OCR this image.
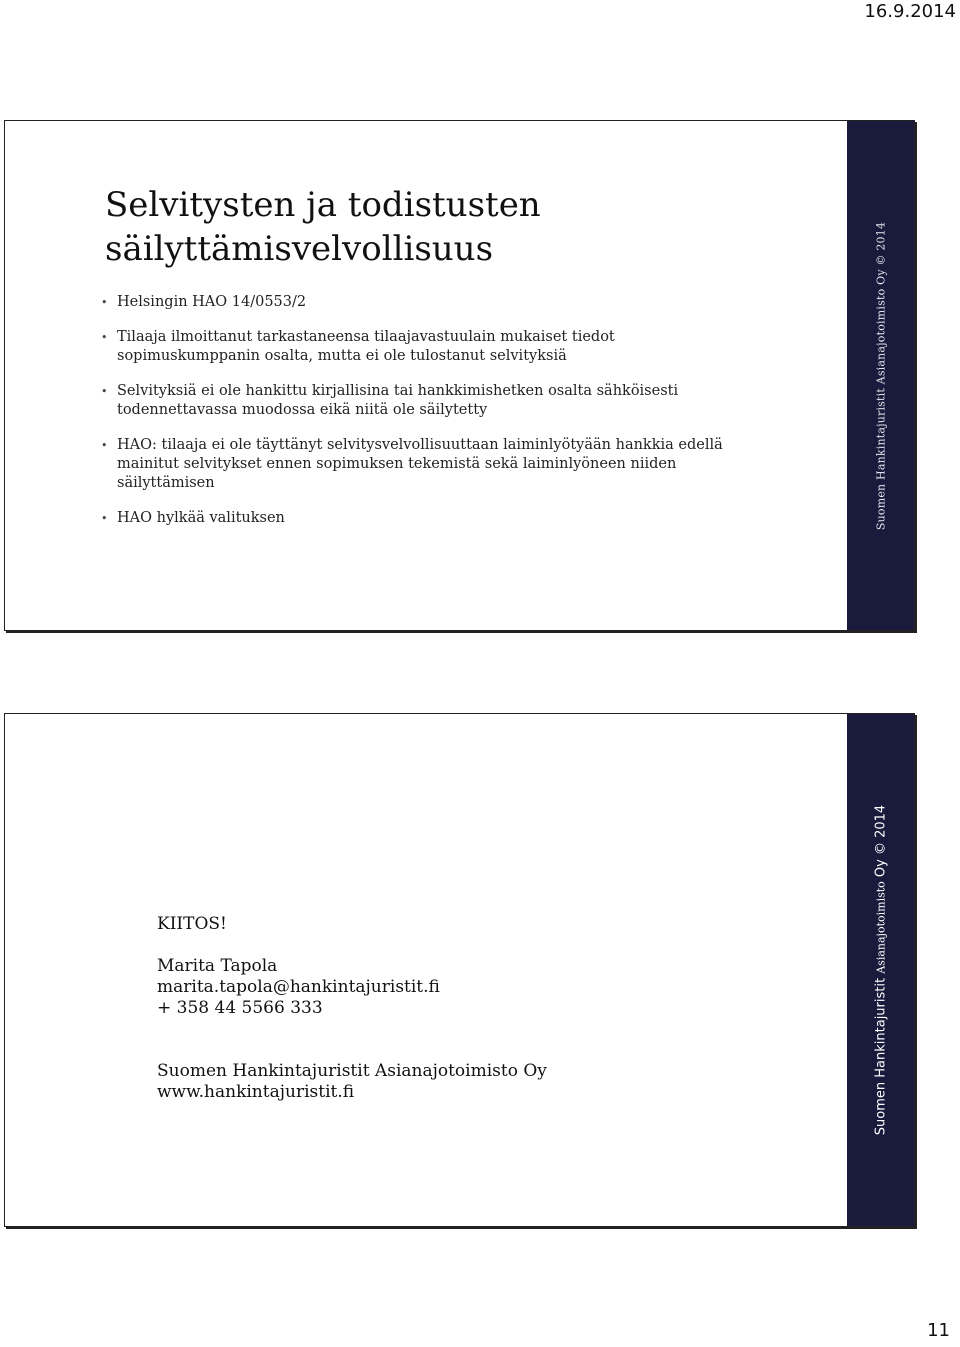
16.9.2014
Selvitysten ja todistusten säilyttämisvelvollisuus
• Helsingin HAO 14/0553/2
• Tilaaja ilmoittanut tarkastaneensa tilaajavastuulain mukaiset tiedot sopimuskumppanin osalta, mutta ei ole tulostanut selvityksiä
• Selvityksiä ei ole hankittu kirjallisina tai hankkimishetken osalta sähköisesti todennettavassa muodossa eikä niitä ole säilytetty
• HAO: tilaaja ei ole täyttänyt selvitysvelvollisuuttaan laiminlyötyään hankkia edellä mainitut selvitykset ennen sopimuksen tekemistä sekä laiminlyöneen niiden säilyttämisen
• HAO hylkää valituksen	Suomen Hankintajuristit Asianajotoimisto Oy © 2014
KIITOS!
Marita Tapola
marita.tapola@hankintajuristit.fi
+ 358 44 5566 333
Suomen Hankintajuristit Asianajotoimisto Oy
www.hankintajuristit.fi	Suomen Hankintajuristit Asianajotoimisto Oy © 2014
11
